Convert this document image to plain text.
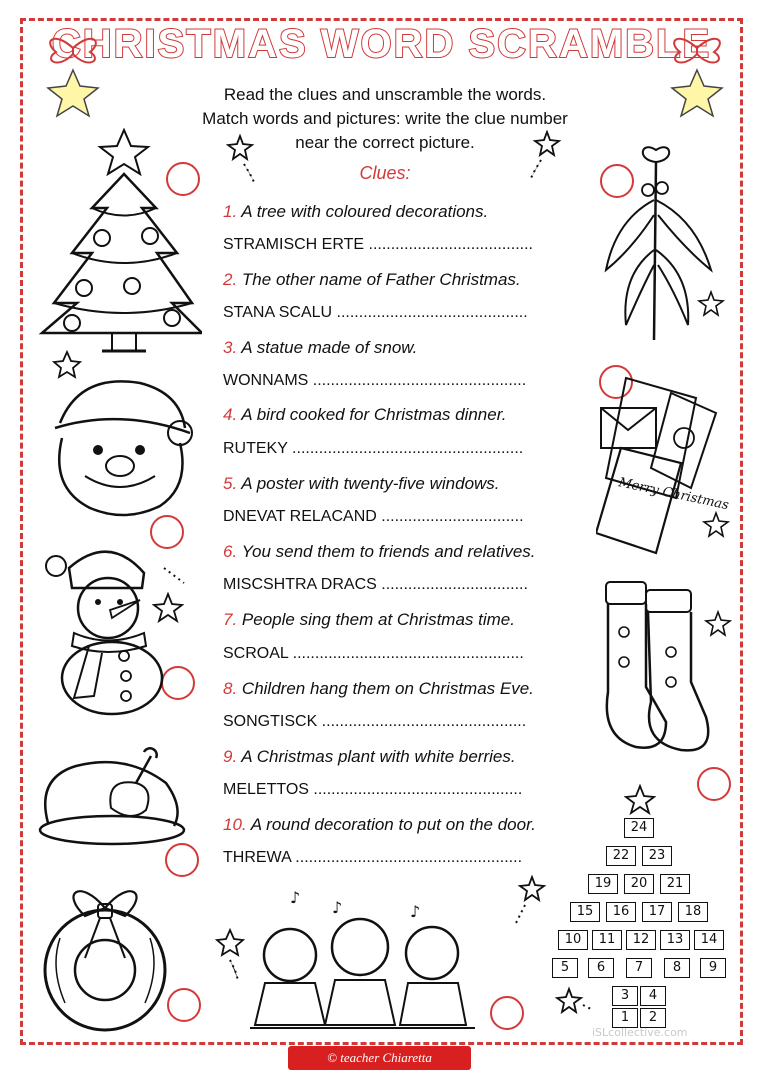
CHRISTMAS WORD SCRAMBLE
Read the clues and unscramble the words.
Match words and pictures: write the clue number
near the correct picture.
Clues:
1. A tree with coloured decorations.
STRAMISCH ERTE .....................................
2. The other name of Father Christmas.
STANA SCALU ...........................................
3. A statue made of snow.
WONNAMS ................................................
4. A bird cooked for Christmas dinner.
RUTEKY ....................................................
5. A poster with twenty-five windows.
DNEVAT RELACAND ................................
6. You send them to friends and relatives.
MISCSHTRA DRACS .................................
7. People sing them at Christmas time.
SCROAL ....................................................
8. Children hang them on Christmas Eve.
SONGTISCK ..............................................
9. A Christmas plant with white berries.
MELETTOS ...............................................
10. A round decoration to put on the door.
THREWA ...................................................
♪
♪	♪
Merry Christmas
24
22	23
19	20	21
15	16	17	18
10	11	12	13	14
5	6	7	8	9
3	4
1	2
iSLcollective.com
© teacher Chiaretta
